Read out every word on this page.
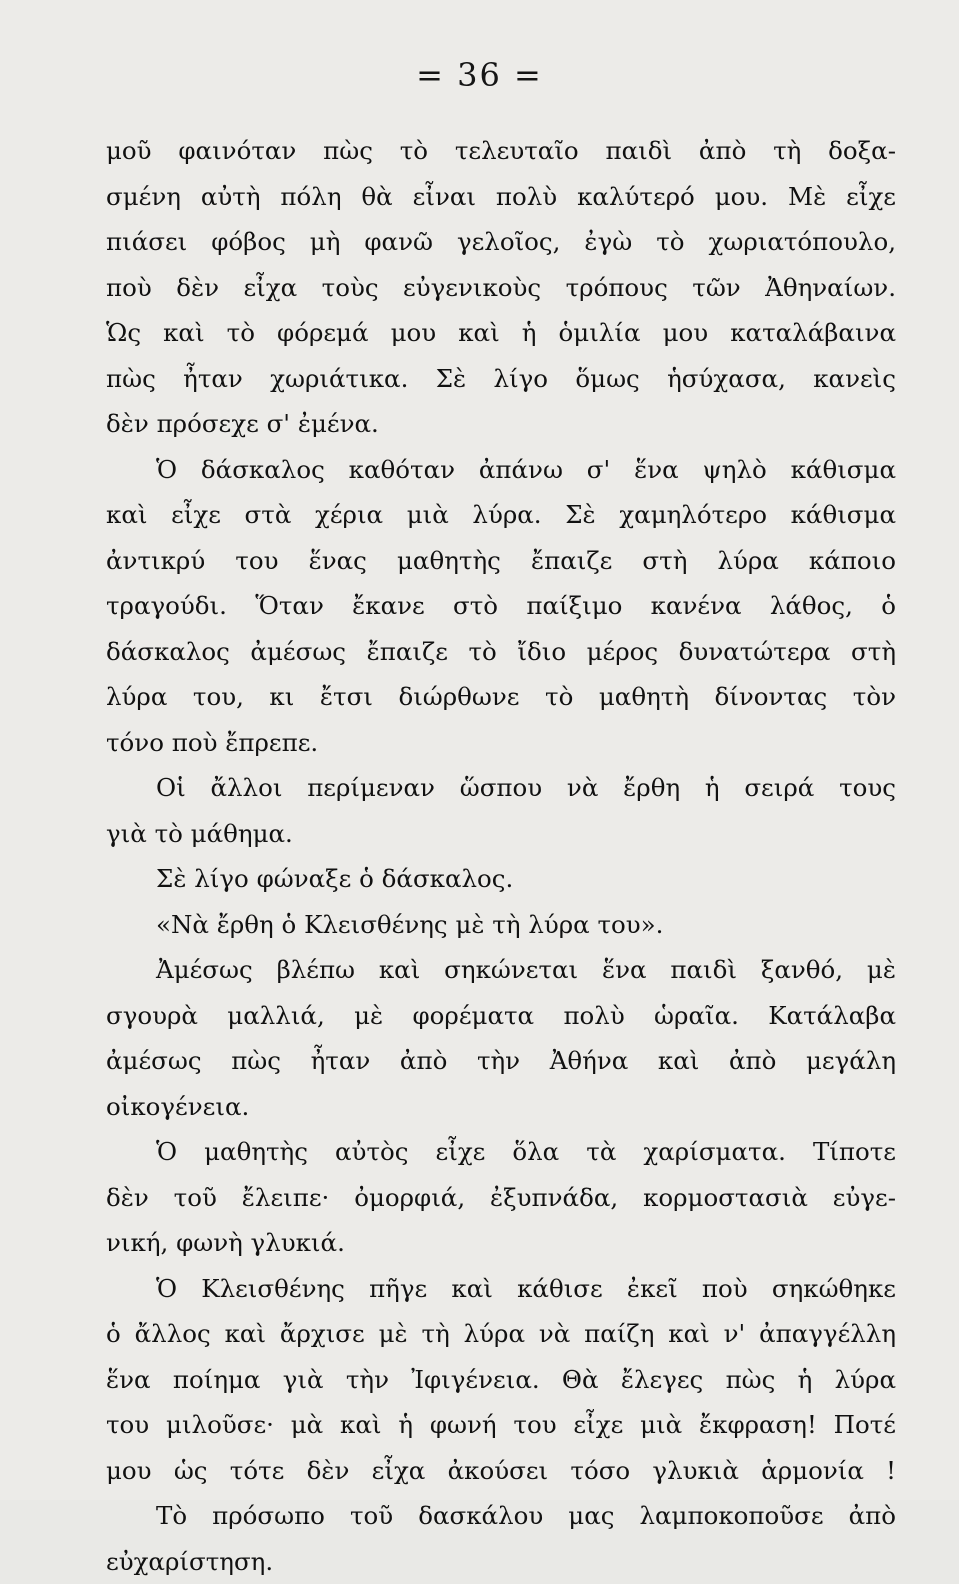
= 36 =
μοῦ φαινόταν πὼς τὸ τελευταῖο παιδὶ ἀπὸ τὴ δοξα-
σμένη αὐτὴ πόλη θὰ εἶναι πολὺ καλύτερό μου. Μὲ εἶχε
πιάσει φόβος μὴ φανῶ γελοῖος, ἐγὼ τὸ χωριατόπουλο,
ποὺ δὲν εἶχα τοὺς εὐγενικοὺς τρόπους τῶν Ἀθηναίων.
Ὡς καὶ τὸ φόρεμά μου καὶ ἡ ὁμιλία μου καταλάβαινα
πὼς ἦταν χωριάτικα. Σὲ λίγο ὅμως ἡσύχασα, κανεὶς
δὲν πρόσεχε σ' ἐμένα.
Ὁ δάσκαλος καθόταν ἀπάνω σ' ἕνα ψηλὸ κάθισμα
καὶ εἶχε στὰ χέρια μιὰ λύρα. Σὲ χαμηλότερο κάθισμα
ἀντικρύ του ἕνας μαθητὴς ἔπαιζε στὴ λύρα κάποιο
τραγούδι. Ὅταν ἔκανε στὸ παίξιμο κανένα λάθος, ὁ
δάσκαλος ἀμέσως ἔπαιζε τὸ ἴδιο μέρος δυνατώτερα στὴ
λύρα του, κι ἔτσι διώρθωνε τὸ μαθητὴ δίνοντας τὸν
τόνο ποὺ ἔπρεπε.
Οἱ ἄλλοι περίμεναν ὥσπου νὰ ἔρθη ἡ σειρά τους
γιὰ τὸ μάθημα.
Σὲ λίγο φώναξε ὁ δάσκαλος.
«Νὰ ἔρθη ὁ Κλεισθένης μὲ τὴ λύρα του».
Ἀμέσως βλέπω καὶ σηκώνεται ἕνα παιδὶ ξανθό, μὲ
σγουρὰ μαλλιά, μὲ φορέματα πολὺ ὡραῖα. Κατάλαβα
ἀμέσως πὼς ἦταν ἀπὸ τὴν Ἀθήνα καὶ ἀπὸ μεγάλη
οἰκογένεια.
Ὁ μαθητὴς αὐτὸς εἶχε ὅλα τὰ χαρίσματα. Τίποτε
δὲν τοῦ ἔλειπε· ὀμορφιά, ἐξυπνάδα, κορμοστασιὰ εὐγε-
νική, φωνὴ γλυκιά.
Ὁ Κλεισθένης πῆγε καὶ κάθισε ἐκεῖ ποὺ σηκώθηκε
ὁ ἄλλος καὶ ἄρχισε μὲ τὴ λύρα νὰ παίζη καὶ ν' ἀπαγγέλλη
ἕνα ποίημα γιὰ τὴν Ἰφιγένεια. Θὰ ἔλεγες πὼς ἡ λύρα
του μιλοῦσε· μὰ καὶ ἡ φωνή του εἶχε μιὰ ἔκφραση! Ποτέ
μου ὡς τότε δὲν εἶχα ἀκούσει τόσο γλυκιὰ ἁρμονία !
Τὸ πρόσωπο τοῦ δασκάλου μας λαμποκοποῦσε ἀπὸ
εὐχαρίστηση.
